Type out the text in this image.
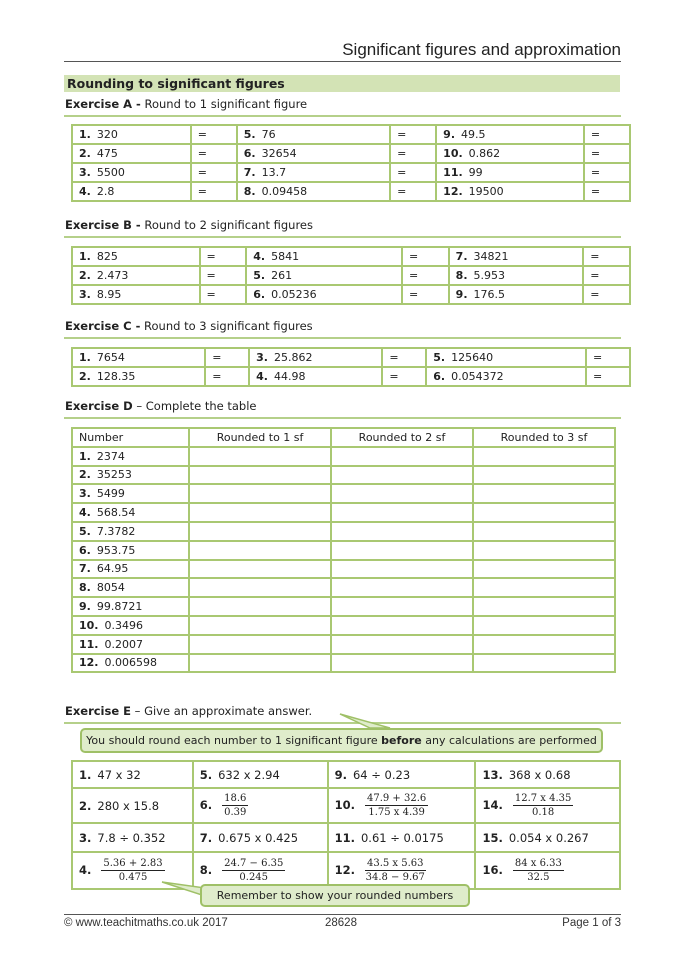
Significant figures and approximation
Rounding to significant figures
Exercise A - Round to 1 significant figure
1. 320	=	5. 76	=	9. 49.5	=
2. 475	=	6. 32654	=	10. 0.862	=
3. 5500	=	7. 13.7	=	11. 99	=
4. 2.8	=	8. 0.09458	=	12. 19500	=
Exercise B - Round to 2 significant figures
1. 825	=	4. 5841	=	7. 34821	=
2. 2.473	=	5. 261	=	8. 5.953	=
3. 8.95	=	6. 0.05236	=	9. 176.5	=
Exercise C - Round to 3 significant figures
1. 7654	=	3. 25.862	=	5. 125640	=
2. 128.35	=	4. 44.98	=	6. 0.054372	=
Exercise D – Complete the table
Number	Rounded to 1 sf	Rounded to 2 sf	Rounded to 3 sf
1. 2374			
2. 35253			
3. 5499			
4. 568.54			
5. 7.3782			
6. 953.75			
7. 64.95			
8. 8054			
9. 99.8721			
10. 0.3496			
11. 0.2007			
12. 0.006598			
Exercise E – Give an approximate answer.
You should round each number to 1 significant figure before any calculations are performed
1. 47 x 32	5. 632 x 2.94	9. 64 ÷ 0.23	13. 368 x 0.68
2. 280 x 15.8	6. $\frac{18.6}{0.39}$	10. $\frac{47.9 + 32.6}{1.75 x 4.39}$	14. $\frac{12.7 x 4.35}{0.18}$

3. 7.8 ÷ 0.352	7. 0.675 x 0.425	11. 0.61 ÷ 0.0175	15. 0.054 x 0.267
4. $\frac{5.36 + 2.83}{0.475}$	8. $\frac{24.7 - 6.35}{0.245}$	12. $\frac{43.5 x 5.63}{34.8 - 9.67}$	16. $\frac{84 x 6.33}{32.5}$
Remember to show your rounded numbers
© www.teachitmaths.co.uk 2017	28628	Page 1 of 3
